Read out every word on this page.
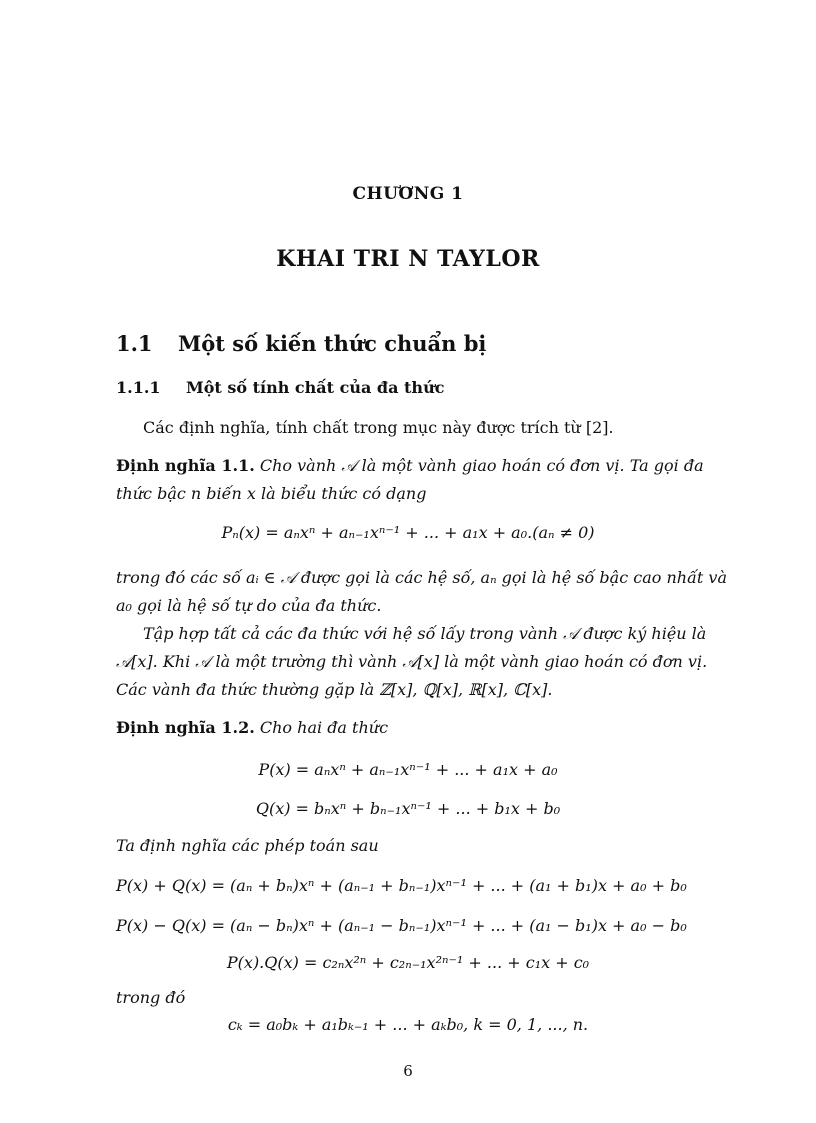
CHƯƠNG 1
KHAI TRI N TAYLOR
1.1 Một số kiến thức chuẩn bị
1.1.1 Một số tính chất của đa thức
Các định nghĩa, tính chất trong mục này được trích từ [2].
Định nghĩa 1.1. Cho vành 𝒜 là một vành giao hoán có đơn vị. Ta gọi đa
thức bậc n biến x là biểu thức có dạng
Pₙ(x) = aₙxⁿ + aₙ₋₁xⁿ⁻¹ + ... + a₁x + a₀.(aₙ ≠ 0)
trong đó các số aᵢ ∈ 𝒜 được gọi là các hệ số, aₙ gọi là hệ số bậc cao nhất và
a₀ gọi là hệ số tự do của đa thức.
Tập hợp tất cả các đa thức với hệ số lấy trong vành 𝒜 được ký hiệu là
𝒜[x]. Khi 𝒜 là một trường thì vành 𝒜[x] là một vành giao hoán có đơn vị.
Các vành đa thức thường gặp là ℤ[x], ℚ[x], ℝ[x], ℂ[x].
Định nghĩa 1.2. Cho hai đa thức
P(x) = aₙxⁿ + aₙ₋₁xⁿ⁻¹ + ... + a₁x + a₀
Q(x) = bₙxⁿ + bₙ₋₁xⁿ⁻¹ + ... + b₁x + b₀
Ta định nghĩa các phép toán sau
P(x) + Q(x) = (aₙ + bₙ)xⁿ + (aₙ₋₁ + bₙ₋₁)xⁿ⁻¹ + ... + (a₁ + b₁)x + a₀ + b₀
P(x) − Q(x) = (aₙ − bₙ)xⁿ + (aₙ₋₁ − bₙ₋₁)xⁿ⁻¹ + ... + (a₁ − b₁)x + a₀ − b₀
P(x).Q(x) = c₂ₙx²ⁿ + c₂ₙ₋₁x²ⁿ⁻¹ + ... + c₁x + c₀
trong đó
cₖ = a₀bₖ + a₁bₖ₋₁ + ... + aₖb₀, k = 0, 1, ..., n.
6
